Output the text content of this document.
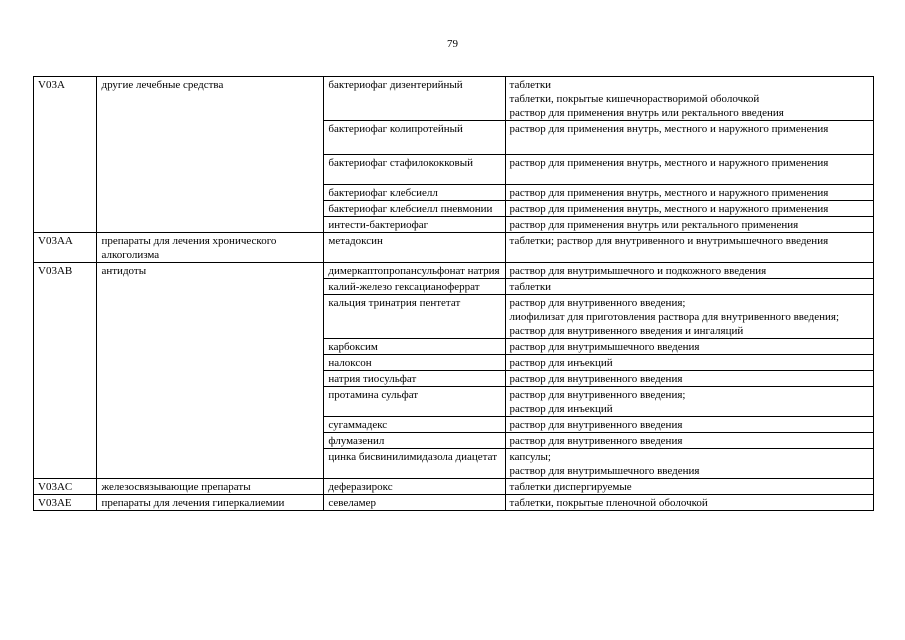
79
V03A	другие лечебные средства	бактериофаг дизентерийный	таблетки
таблетки, покрытые кишечнорастворимой оболочкой
раствор для применения внутрь или ректального введения

		бактериофаг колипротейный	раствор для применения внутрь, местного и наружного применения

		бактериофаг стафилококковый	раствор для применения внутрь, местного и наружного применения

		бактериофаг клебсиелл	раствор для применения внутрь, местного и наружного применения

		бактериофаг клебсиелл пневмонии	раствор для применения внутрь, местного и наружного применения

		интести-бактериофаг	раствор для применения внутрь или ректального применения

V03AA	препараты для лечения хронического алкоголизма	метадоксин	таблетки; раствор для внутривенного и внутримышечного введения

V03AB	антидоты	димеркаптопропансульфонат натрия	раствор для внутримышечного и подкожного введения

		калий-железо гексацианоферрат	таблетки

		кальция тринатрия пентетат	раствор для внутривенного введения;
лиофилизат для приготовления раствора для внутривенного введения;
раствор для внутривенного введения и ингаляций

		карбоксим	раствор для внутримышечного введения

		налоксон	раствор для инъекций

		натрия тиосульфат	раствор для внутривенного введения

		протамина сульфат	раствор для внутривенного введения;
раствор для инъекций

		сугаммадекс	раствор для внутривенного введения

		флумазенил	раствор для внутривенного введения

		цинка бисвинилимидазола диацетат	капсулы;
раствор для внутримышечного введения

V03AC	железосвязывающие препараты	деферазирокс	таблетки диспергируемые

V03AE	препараты для лечения гиперкалиемии	севеламер	таблетки, покрытые пленочной оболочкой
